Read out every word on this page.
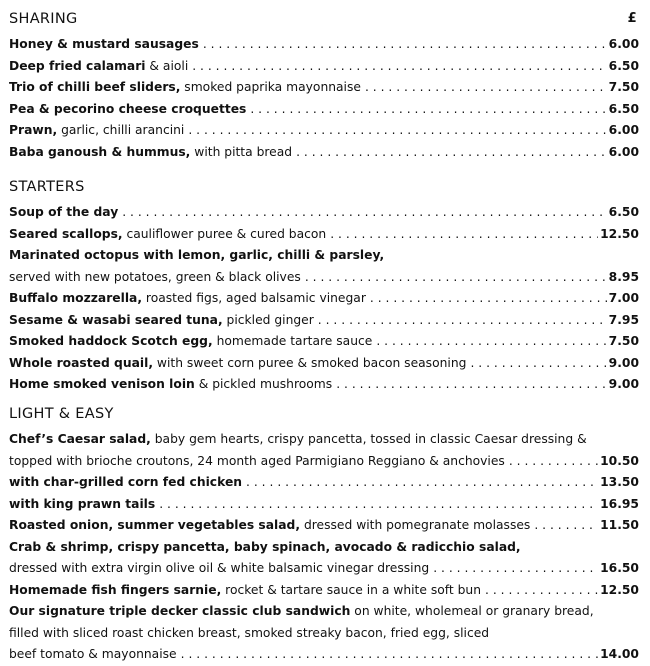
SHARING	£
Honey & mustard sausages . . .	6.00
Deep fried calamari & aioli . . .	6.50
Trio of chilli beef sliders, smoked paprika mayonnaise . . .	7.50
Pea & pecorino cheese croquettes . . .	6.50
Prawn, garlic, chilli arancini . . .	6.00
Baba ganoush & hummus, with pitta bread . . .	6.00
STARTERS
Soup of the day . . .	6.50
Seared scallops, cauliflower puree & cured bacon . . .	12.50
Marinated octopus with lemon, garlic, chilli & parsley,
served with new potatoes, green & black olives . . .	8.95
Buffalo mozzarella, roasted figs, aged balsamic vinegar . . .	7.00
Sesame & wasabi seared tuna, pickled ginger . . .	7.95
Smoked haddock Scotch egg, homemade tartare sauce . . .	7.50
Whole roasted quail, with sweet corn puree & smoked bacon seasoning . . .	9.00
Home smoked venison loin & pickled mushrooms . . .	9.00
LIGHT & EASY
Chef’s Caesar salad, baby gem hearts, crispy pancetta, tossed in classic Caesar dressing &
topped with brioche croutons, 24 month aged Parmigiano Reggiano & anchovies . . .	10.50
with char-grilled corn fed chicken . . .	13.50
with king prawn tails . . .	16.95
Roasted onion, summer vegetables salad, dressed with pomegranate molasses . . .	11.50
Crab & shrimp, crispy pancetta, baby spinach, avocado & radicchio salad,
dressed with extra virgin olive oil & white balsamic vinegar dressing . . .	16.50
Homemade fish fingers sarnie, rocket & tartare sauce in a white soft bun . . .	12.50
Our signature triple decker classic club sandwich on white, wholemeal or granary bread,
filled with sliced roast chicken breast, smoked streaky bacon, fried egg, sliced
beef tomato & mayonnaise . . .	14.00
